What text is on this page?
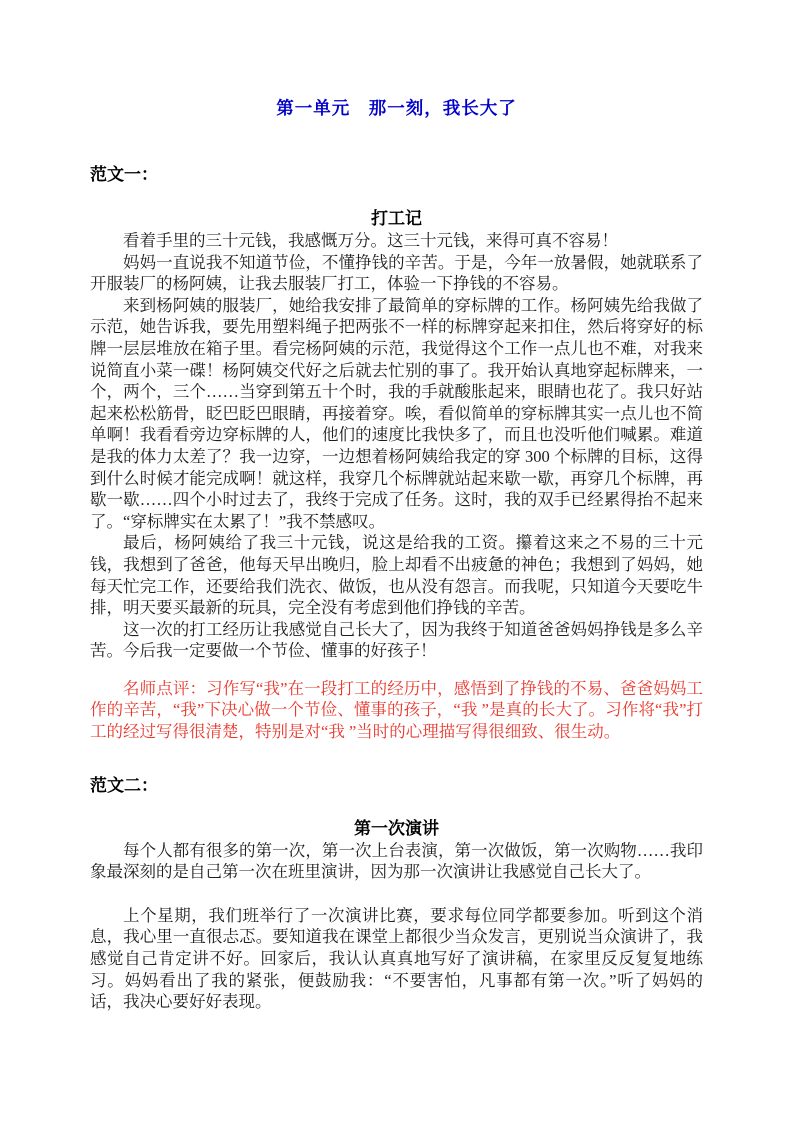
第一单元　那一刻，我长大了
范文一：
打工记

看着手里的三十元钱，我感慨万分。这三十元钱，来得可真不容易！

妈妈一直说我不知道节俭，不懂挣钱的辛苦。于是，今年一放暑假，她就联系了开服装厂的杨阿姨，让我去服装厂打工，体验一下挣钱的不容易。

来到杨阿姨的服装厂，她给我安排了最简单的穿标牌的工作。杨阿姨先给我做了示范，她告诉我，要先用塑料绳子把两张不一样的标牌穿起来扣住，然后将穿好的标牌一层层堆放在箱子里。看完杨阿姨的示范，我觉得这个工作一点儿也不难，对我来说简直小菜一碟！杨阿姨交代好之后就去忙别的事了。我开始认真地穿起标牌来，一个，两个，三个……当穿到第五十个时，我的手就酸胀起来，眼睛也花了。我只好站起来松松筋骨，眨巴眨巴眼睛，再接着穿。唉，看似简单的穿标牌其实一点儿也不简单啊！我看看旁边穿标牌的人，他们的速度比我快多了，而且也没听他们喊累。难道是我的体力太差了？我一边穿，一边想着杨阿姨给我定的穿 300 个标牌的目标，这得到什么时候才能完成啊！就这样，我穿几个标牌就站起来歇一歇，再穿几个标牌，再歇一歇……四个小时过去了，我终于完成了任务。这时，我的双手已经累得抬不起来了。“穿标牌实在太累了！”我不禁感叹。

最后，杨阿姨给了我三十元钱，说这是给我的工资。攥着这来之不易的三十元钱，我想到了爸爸，他每天早出晚归，脸上却看不出疲惫的神色；我想到了妈妈，她每天忙完工作，还要给我们洗衣、做饭，也从没有怨言。而我呢，只知道今天要吃牛排，明天要买最新的玩具，完全没有考虑到他们挣钱的辛苦。

这一次的打工经历让我感觉自己长大了，因为我终于知道爸爸妈妈挣钱是多么辛苦。今后我一定要做一个节俭、懂事的好孩子！

名师点评：习作写“我”在一段打工的经历中，感悟到了挣钱的不易、爸爸妈妈工作的辛苦，“我”下决心做一个节俭、懂事的孩子，“我 ”是真的长大了。习作将“我”打工的经过写得很清楚，特别是对“我 ”当时的心理描写得很细致、很生动。

范文二：
第一次演讲

每个人都有很多的第一次，第一次上台表演，第一次做饭，第一次购物……我印象最深刻的是自己第一次在班里演讲，因为那一次演讲让我感觉自己长大了。

上个星期，我们班举行了一次演讲比赛，要求每位同学都要参加。听到这个消息，我心里一直很忐忑。要知道我在课堂上都很少当众发言，更别说当众演讲了，我感觉自己肯定讲不好。回家后，我认认真真地写好了演讲稿，在家里反反复复地练习。妈妈看出了我的紧张，便鼓励我：“不要害怕，凡事都有第一次。”听了妈妈的话，我决心要好好表现。
